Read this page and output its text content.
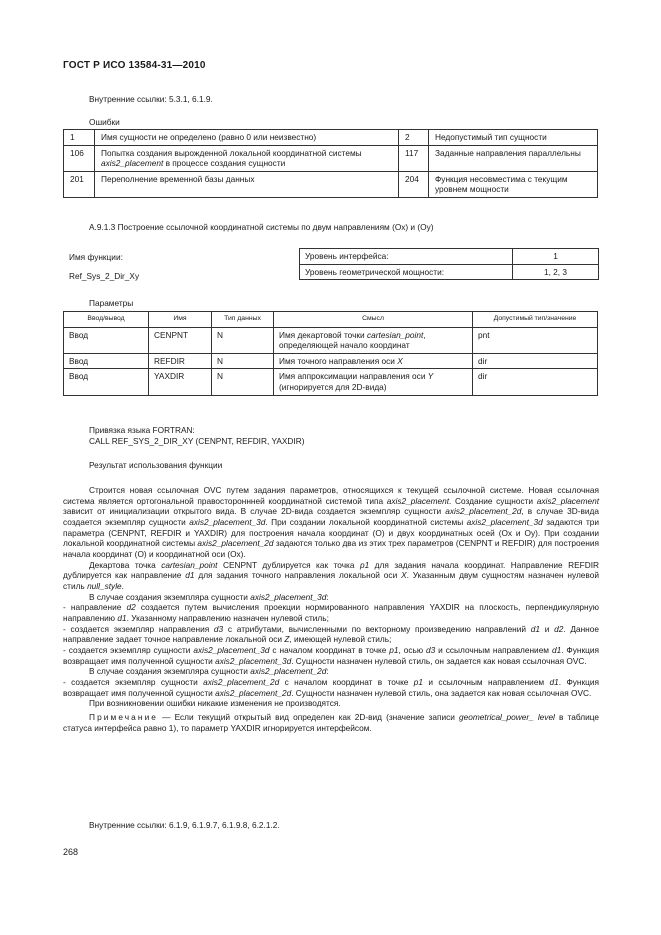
ГОСТ Р ИСО 13584-31—2010
Внутренние ссылки: 5.3.1, 6.1.9.
Ошибки
1	Имя сущности не определено (равно 0 или неизвестно)	2	Недопустимый тип сущности
106	Попытка создания вырожденной локальной координатной системы axis2_placement в процессе создания сущности	117	Заданные направления параллельны
201	Переполнение временной базы данных	204	Функция несовместима с текущим уровнем мощности
А.9.1.3 Построение ссылочной координатной системы по двум направлениям (Ох) и (Оу)
Имя функции:
Ref_Sys_2_Dir_Xy
Уровень интерфейса:	1
Уровень геометрической мощности:	1, 2, 3
Параметры
Ввод/вывод	Имя	Тип данных	Смысл	Допустимый тип/значение
Ввод	CENPNT	N	Имя декартовой точки cartesian_point, определяющей начало координат	pnt
Ввод	REFDIR	N	Имя точного направления оси X	dir
Ввод	YAXDIR	N	Имя аппроксимации направления оси Y (игнорируется для 2D-вида)	dir
Привязка языка FORTRAN:
CALL REF_SYS_2_DIR_XY (CENPNT, REFDIR, YAXDIR)
Результат использования функции

Строится новая ссылочная OVC путем задания параметров, относящихся к текущей ссылочной системе. Новая ссылочная система является ортогональной правостороннней координатной системой типа axis2_placement. Создание сущности axis2_placement зависит от инициализации открытого вида. В случае 2D-вида создается экземпляр сущности axis2_placement_2d, в случае 3D-вида создается экземпляр сущности axis2_placement_3d. При создании локальной координатной системы axis2_placement_3d задаются три параметра (CENPNT, REFDIR и YAXDIR) для построения начала координат (О) и двух координатных осей (Ох и Оу). При создании локальной координатной системы axis2_placement_2d задаются только два из этих трех параметров (CENPNT и REFDIR) для построения начала координат (О) и координатной оси (Ох).

Декартова точка cartesian_point CENPNT дублируется как точка p1 для задания начала координат. Направление REFDIR дублируется как направление d1 для задания точного направления локальной оси X. Указанным двум сущностям назначен нулевой стиль null_style.

В случае создания экземпляра сущности axis2_placement_3d:

- направление d2 создается путем вычисления проекции нормированного направления YAXDIR на плоскость, перпендикулярную направлению d1. Указанному направлению назначен нулевой стиль;

- создается экземпляр направления d3 с атрибутами, вычисленными по векторному произведению направлений d1 и d2. Данное направление задает точное направление локальной оси Z, имеющей нулевой стиль;

- создается экземпляр сущности axis2_placement_3d с началом координат в точке p1, осью d3 и ссылочным направлением d1. Функция возвращает имя полученной сущности axis2_placement_3d. Сущности назначен нулевой стиль, он задается как новая ссылочная OVC.

В случае создания экземпляра сущности axis2_placement_2d:

- создается экземпляр сущности axis2_placement_2d с началом координат в точке p1 и ссылочным направлением d1. Функция возвращает имя полученной сущности axis2_placement_2d. Сущности назначен нулевой стиль, она задается как новая ссылочная OVC.

При возникновении ошибки никакие изменения не производятся.

Примечание — Если текущий открытый вид определен как 2D-вид (значение записи geometrical_power_ level в таблице статуса интерфейса равно 1), то параметр YAXDIR игнорируется интерфейсом.

Внутренние ссылки: 6.1.9, 6.1.9.7, 6.1.9.8, 6.2.1.2.
268
